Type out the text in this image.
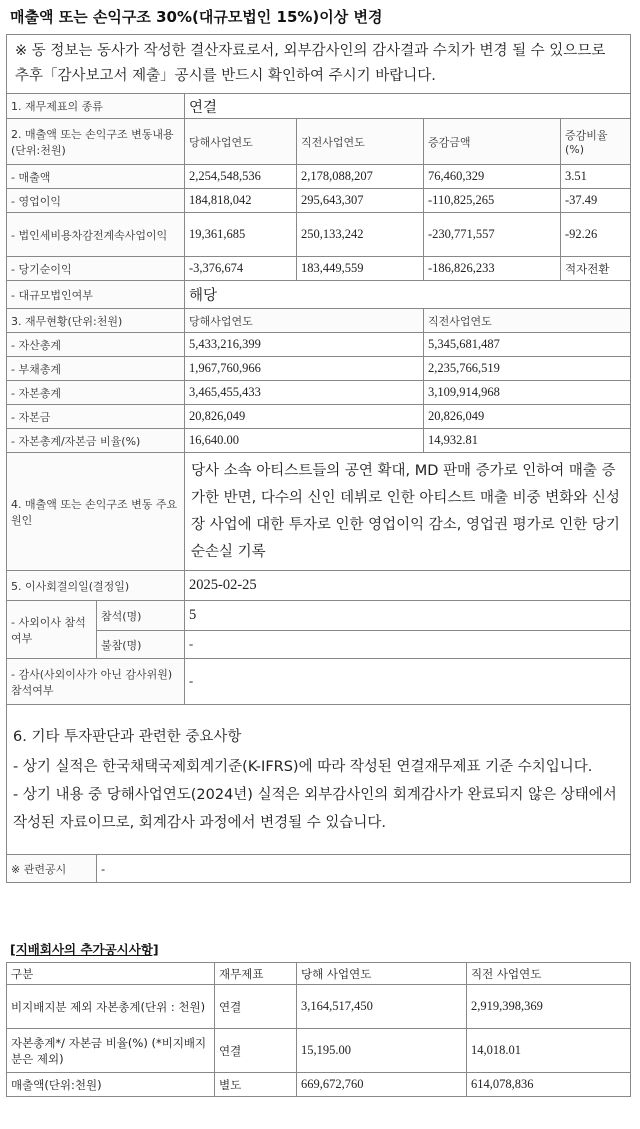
매출액 또는 손익구조 30%(대규모법인 15%)이상 변경
※ 동 정보는 동사가 작성한 결산자료로서, 외부감사인의 감사결과 수치가 변경 될 수 있으므로 추후「감사보고서 제출」공시를 반드시 확인하여 주시기 바랍니다.					
1. 재무제표의 종류		연결			
2. 매출액 또는 손익구조 변동내용(단위:천원)		당해사업연도	직전사업연도	증감금액	증감비율(%)
- 매출액		2,254,548,536	2,178,088,207	76,460,329	3.51
- 영업이익		184,818,042	295,643,307	-110,825,265	-37.49
- 법인세비용차감전계속사업이익		19,361,685	250,133,242	-230,771,557	-92.26
- 당기순이익		-3,376,674	183,449,559	-186,826,233	적자전환
- 대규모법인여부		해당			
3. 재무현황(단위:천원)		당해사업연도		직전사업연도	
- 자산총계		5,433,216,399		5,345,681,487	
- 부채총계		1,967,760,966		2,235,766,519	
- 자본총계		3,465,455,433		3,109,914,968	
- 자본금		20,826,049		20,826,049	
- 자본총계/자본금 비율(%)		16,640.00		14,932.81	
4. 매출액 또는 손익구조 변동 주요원인		당사 소속 아티스트들의 공연 확대, MD 판매 증가로 인하여 매출 증가한 반면, 다수의 신인 데뷔로 인한 아티스트 매출 비중 변화와 신성장 사업에 대한 투자로 인한 영업이익 감소, 영업권 평가로 인한 당기순손실 기록			
5. 이사회결의일(결정일)		2025-02-25			
- 사외이사 참석여부	참석(명)	5			
	불참(명)	-			
- 감사(사외이사가 아닌 감사위원) 참석여부		-			

6. 기타 투자판단과 관련한 중요사항
- 상기 실적은 한국채택국제회계기준(K-IFRS)에 따라 작성된 연결재무제표 기준 수치입니다.
- 상기 내용 중 당해사업연도(2024년) 실적은 외부감사인의 회계감사가 완료되지 않은 상태에서 작성된 자료이므로, 회계감사 과정에서 변경될 수 있습니다.					

※ 관련공시	-				
[지배회사의 추가공시사항]
구분	재무제표	당해 사업연도	직전 사업연도
비지배지분 제외 자본총계(단위 : 천원)	연결	3,164,517,450	2,919,398,369
자본총계*/ 자본금 비율(%) (*비지배지분은 제외)	연결	15,195.00	14,018.01
매출액(단위:천원)	별도	669,672,760	614,078,836
